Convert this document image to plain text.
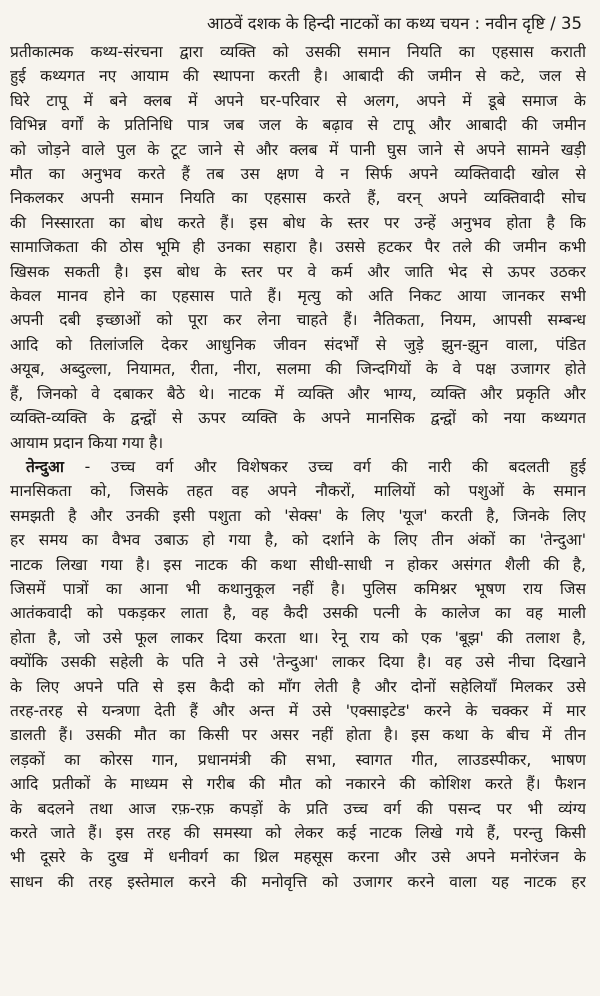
आठवें दशक के हिन्दी नाटकों का कथ्य चयन : नवीन दृष्टि / 35

प्रतीकात्मक कथ्य-संरचना द्वारा व्यक्ति को उसकी समान नियति का एहसास कराती
हुई कथ्यगत नए आयाम की स्थापना करती है। आबादी की जमीन से कटे, जल से
घिरे टापू में बने क्लब में अपने घर-परिवार से अलग, अपने में डूबे समाज के
विभिन्न वर्गों के प्रतिनिधि पात्र जब जल के बढ़ाव से टापू और आबादी की जमीन
को जोड़ने वाले पुल के टूट जाने से और क्लब में पानी घुस जाने से अपने सामने खड़ी
मौत का अनुभव करते हैं तब उस क्षण वे न सिर्फ अपने व्यक्तिवादी खोल से
निकलकर अपनी समान नियति का एहसास करते हैं, वरन् अपने व्यक्तिवादी सोच
की निस्सारता का बोध करते हैं। इस बोध के स्तर पर उन्हें अनुभव होता है कि
सामाजिकता की ठोस भूमि ही उनका सहारा है। उससे हटकर पैर तले की जमीन कभी
खिसक सकती है। इस बोध के स्तर पर वे कर्म और जाति भेद से ऊपर उठकर
केवल मानव होने का एहसास पाते हैं। मृत्यु को अति निकट आया जानकर सभी
अपनी दबी इच्छाओं को पूरा कर लेना चाहते हैं। नैतिकता, नियम, आपसी सम्बन्ध
आदि को तिलांजलि देकर आधुनिक जीवन संदर्भों से जुड़े झुन-झुन वाला, पंडित
अयूब, अब्दुल्ला, नियामत, रीता, नीरा, सलमा की जिन्दगियों के वे पक्ष उजागर होते
हैं, जिनको वे दबाकर बैठे थे। नाटक में व्यक्ति और भाग्य, व्यक्ति और प्रकृति और
व्यक्ति-व्यक्ति के द्वन्द्वों से ऊपर व्यक्ति के अपने मानसिक द्वन्द्वों को नया कथ्यगत
आयाम प्रदान किया गया है।

तेन्दुआ - उच्च वर्ग और विशेषकर उच्च वर्ग की नारी की बदलती हुई
मानसिकता को, जिसके तहत वह अपने नौकरों, मालियों को पशुओं के समान
समझती है और उनकी इसी पशुता को 'सेक्स' के लिए 'यूज' करती है, जिनके लिए
हर समय का वैभव उबाऊ हो गया है, को दर्शाने के लिए तीन अंकों का 'तेन्दुआ'
नाटक लिखा गया है। इस नाटक की कथा सीधी-साधी न होकर असंगत शैली की है,
जिसमें पात्रों का आना भी कथानुकूल नहीं है। पुलिस कमिश्नर भूषण राय जिस
आतंकवादी को पकड़कर लाता है, वह कैदी उसकी पत्नी के कालेज का वह माली
होता है, जो उसे फूल लाकर दिया करता था। रेनू राय को एक 'बूझ' की तलाश है,
क्योंकि उसकी सहेली के पति ने उसे 'तेन्दुआ' लाकर दिया है। वह उसे नीचा दिखाने
के लिए अपने पति से इस कैदी को माँग लेती है और दोनों सहेलियाँ मिलकर उसे
तरह-तरह से यन्त्रणा देती हैं और अन्त में उसे 'एक्साइटेड' करने के चक्कर में मार
डालती हैं। उसकी मौत का किसी पर असर नहीं होता है। इस कथा के बीच में तीन
लड़कों का कोरस गान, प्रधानमंत्री की सभा, स्वागत गीत, लाउडस्पीकर, भाषण
आदि प्रतीकों के माध्यम से गरीब की मौत को नकारने की कोशिश करते हैं। फैशन
के बदलने तथा आज रफ़-रफ़ कपड़ों के प्रति उच्च वर्ग की पसन्द पर भी व्यंग्य
करते जाते हैं। इस तरह की समस्या को लेकर कई नाटक लिखे गये हैं, परन्तु किसी
भी दूसरे के दुख में धनीवर्ग का थ्रिल महसूस करना और उसे अपने मनोरंजन के
साधन की तरह इस्तेमाल करने की मनोवृत्ति को उजागर करने वाला यह नाटक हर
